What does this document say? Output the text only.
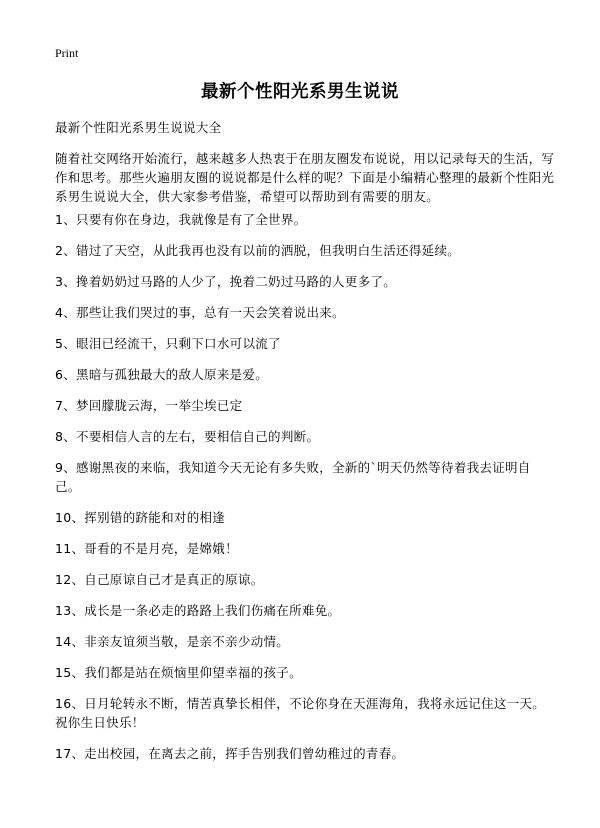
Print
最新个性阳光系男生说说
最新个性阳光系男生说说大全
随着社交网络开始流行，越来越多人热衷于在朋友圈发布说说，用以记录每天的生活，写作和思考。那些火遍朋友圈的说说都是什么样的呢？下面是小编精心整理的最新个性阳光系男生说说大全，供大家参考借鉴，希望可以帮助到有需要的朋友。
1、只要有你在身边，我就像是有了全世界。
2、错过了天空，从此我再也没有以前的洒脱，但我明白生活还得延续。
3、搀着奶奶过马路的人少了，挽着二奶过马路的人更多了。
4、那些让我们哭过的事，总有一天会笑着说出来。
5、眼泪已经流干，只剩下口水可以流了
6、黑暗与孤独最大的敌人原来是爱。
7、梦回朦胧云海，一举尘埃已定
8、不要相信人言的左右，要相信自己的判断。
9、感谢黑夜的来临，我知道今天无论有多失败，全新的`明天仍然等待着我去证明自己。
10、挥别错的跻能和对的相逢
11、哥看的不是月亮，是嫦娥！
12、自己原谅自己才是真正的原谅。
13、成长是一条必走的路路上我们伤痛在所难免。
14、非亲友谊须当敬，是亲不亲少动情。
15、我们都是站在烦恼里仰望幸福的孩子。
16、日月轮转永不断，情苦真挚长相伴，不论你身在天涯海角，我将永远记住这一天。祝你生日快乐！
17、走出校园，在离去之前，挥手告别我们曾幼稚过的青春。
